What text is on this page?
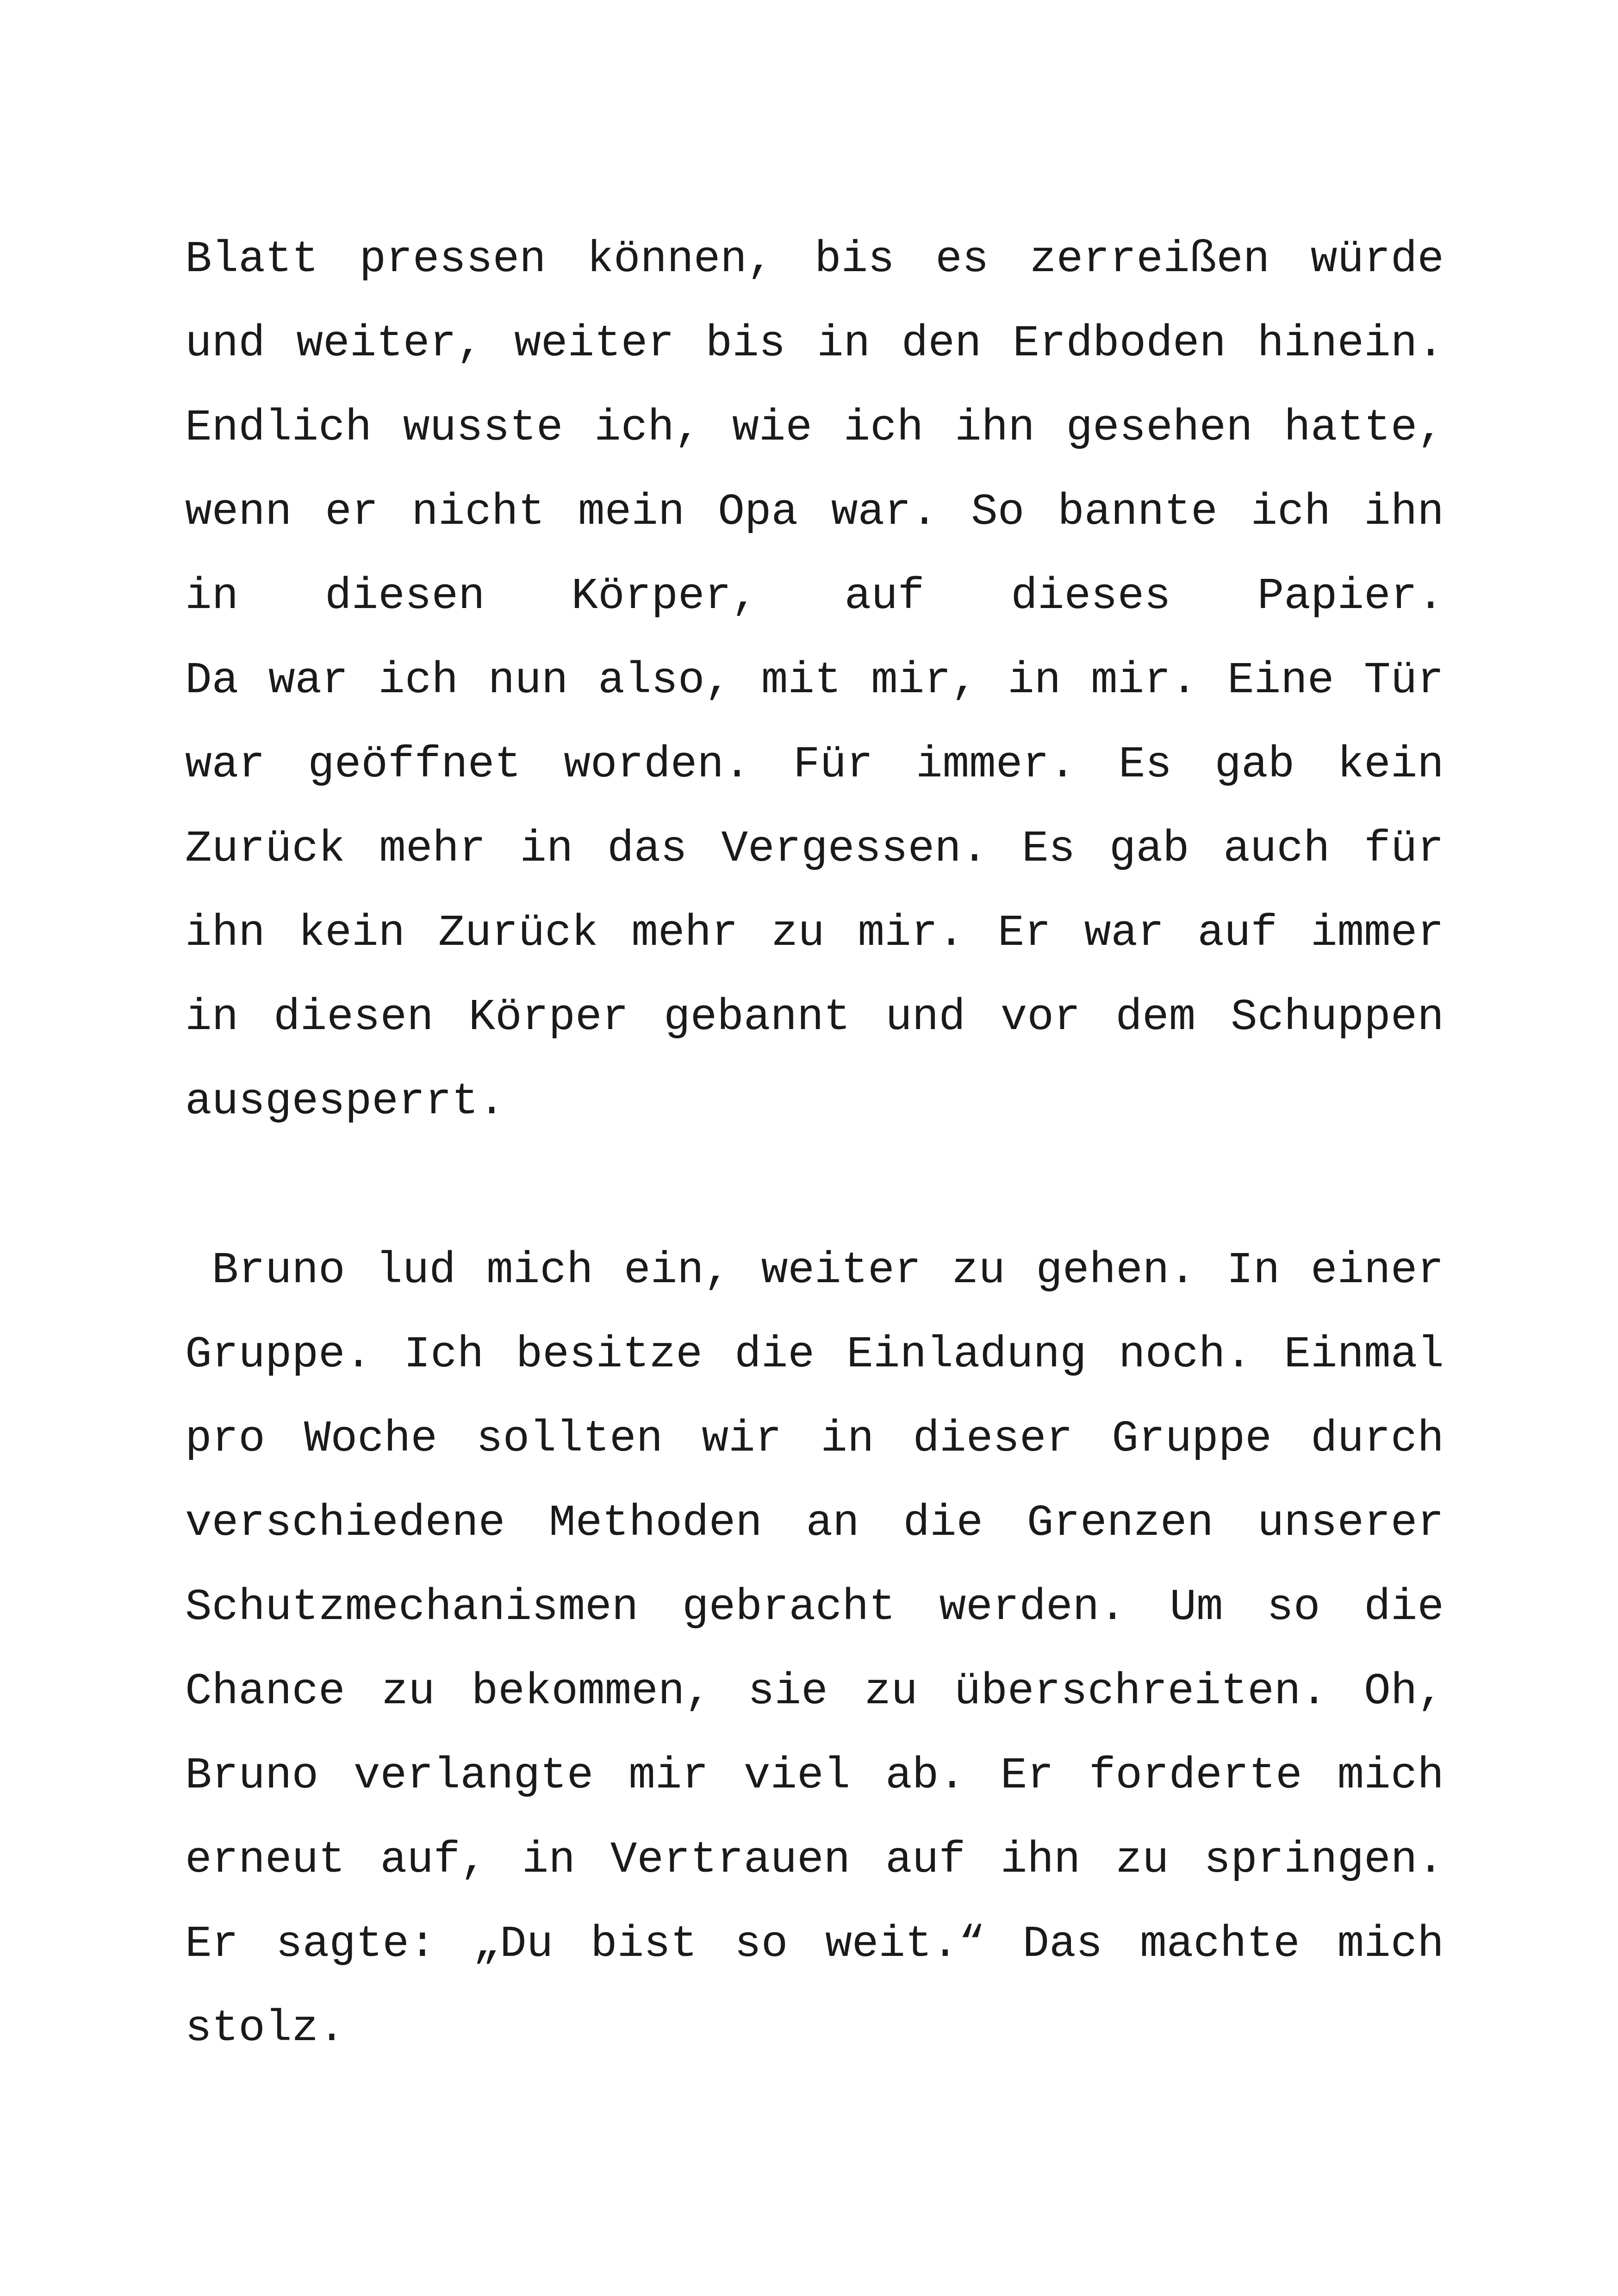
Blatt pressen können, bis es zerreißen würde
und weiter, weiter bis in den Erdboden hinein.
Endlich wusste ich, wie ich ihn gesehen hatte,
wenn er nicht mein Opa war. So bannte ich ihn
in diesen Körper, auf dieses Papier.
Da war ich nun also, mit mir, in mir. Eine Tür
war geöffnet worden. Für immer. Es gab kein
Zurück mehr in das Vergessen. Es gab auch für
ihn kein Zurück mehr zu mir. Er war auf immer
in diesen Körper gebannt und vor dem Schuppen
ausgesperrt.
Bruno lud mich ein, weiter zu gehen. In einer
Gruppe. Ich besitze die Einladung noch. Einmal
pro Woche sollten wir in dieser Gruppe durch
verschiedene Methoden an die Grenzen unserer
Schutzmechanismen gebracht werden. Um so die
Chance zu bekommen, sie zu überschreiten. Oh,
Bruno verlangte mir viel ab. Er forderte mich
erneut auf, in Vertrauen auf ihn zu springen.
Er sagte: „Du bist so weit.“ Das machte mich
stolz.
